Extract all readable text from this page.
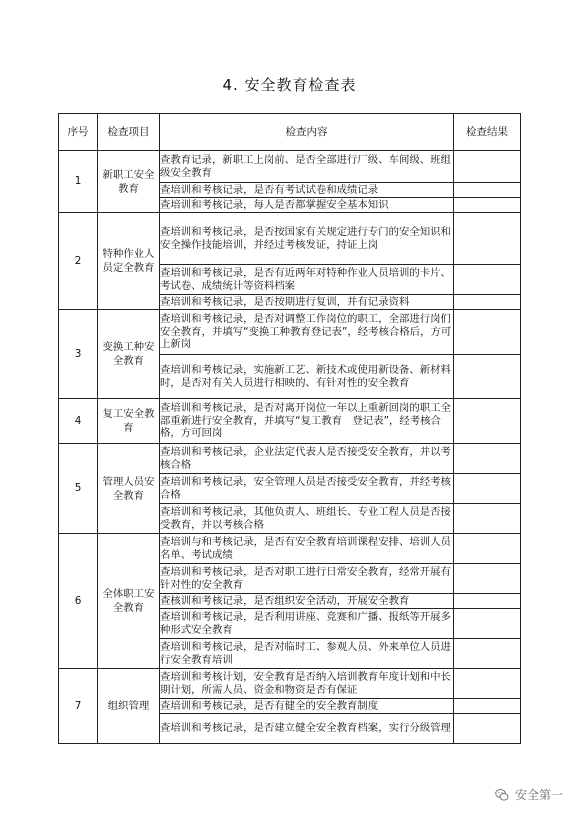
4. 安全教育检查表
序号	检查项目	检查内容	检查结果
1	新职工安全教育	查教育记录，新职工上岗前、是否全部进行厂级、车间级、班组级安全教育	
		查培训和考核记录，是否有考试试卷和成绩记录	
		查培训和考核记录，每人是否都掌握安全基本知识	
2	特种作业人员定全教育	查培训和考核记录，是否按国家有关规定进行专门的安全知识和安全操作技能培训，并经过考核发证，持证上岗	
		查培训和考核记录，是否有近两年对特种作业人员培训的卡片、考试卷、成绩统计等资料档案	
		查培训和考核记录，是否按期进行复训，并有记录资料	
3	变换工种安全教育	查培训和考核记录，是否对调整工作岗位的职工，全部进行岗们安全教育，并填写“变换工种教育登记表”，经考核合格后，方可上新岗	
		查培训和考核记录，实施新工艺、新技术或使用新设备、新材料时，是否对有关人员进行相映的、有针对性的安全教育	
4	复工安全教育	查培训和考核记录，是否对离开岗位一年以上重新回岗的职工全部重新进行安全教育，并填写“复工教育　登记表”，经考核合格，方可回岗	
5	管理人员安全教育	查培训和考核记录，企业法定代表人是否接受安全教育，并以考核合格	
		查培训和考核记录，安全管理人员是否接受安全教育，并经考核合格	
		查培训和考核记录，其他负责人、班组长、专业工程人员是否接受教育，并以考核合格	
6	全体职工安全教育	查培训与和考核记录，是否有安全教育培训课程安排、培训人员名单、考试成绩	
		查培训和考核记录，是否对职工进行日常安全教育，经常开展有针对性的安全教育	
		查核训和考核记录，是否组织安全活动，开展安全教育	
		查培训和考核记录，是否利用讲座、竞赛和广播、报纸等开展多种形式安全教育	
		查培训和考核记录，是否对临时工、参观人员、外来单位人员进行安全教育培训	
7	组织管理	查培训和考核计划，安全教育是否纳入培训教育年度计划和中长期计划，所需人员、资金和物资是否有保证	
		查培训和考核记录，是否有健全的安全教育制度	
		查培训和考核记录，是否建立健全安全教育档案，实行分级管理	
安全第一
